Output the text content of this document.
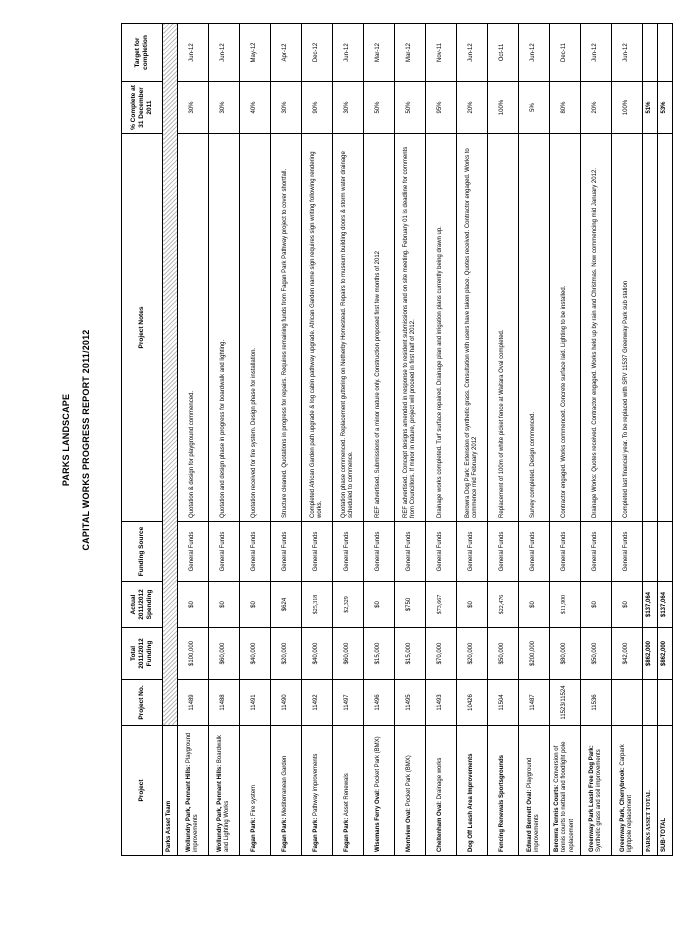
PARKS LANDSCAPE CAPITAL WORKS PROGRESS REPORT 2011/2012
Project	Project No.	Total 2011/2012 Funding	Actual 2011/2012 Spending	Funding Source	Project Notes	% Complete at 31 December 2011	Target for completion
Parks Asset Team							
Wollundry Park, Pennant Hills: Playground improvements	11489	$100,000	$0	General Funds	Quotation & design for playground commenced.	30%	Jun-12
Wollundry Park, Pennant Hills: Boardwalk and Lighting Works	11488	$60,000	$0	General Funds	Quotation and design phase in progress for boardwalk and lighting.	30%	Jun-12
Fagan Park: Fire system	11491	$40,000	$0	General Funds	Quotation received for fire system. Design phase for installation.	40%	May-12
Fagan Park: Mediterranean Garden	11490	$20,000	$624	General Funds	Structure cleaned. Quotations in progress for repairs. Requires remaining funds from Fagan Park Pathway project to cover shortfall.	30%	Apr-12
Fagan Park: Pathway improvements	11492	$40,000	$25,318	General Funds	Completed African Garden path upgrade & log cabin pathway upgrade. African Garden name sign requires sign writing following rendering works.	90%	Dec-12
Fagan Park: Asset Renewals	11497	$60,000	$2,329	General Funds	Quotation phase commenced. Replacement guttering on Netherby Homestead. Repairs to museum building doors & storm water drainage scheduled to commence.	30%	Jun-12
Wisemans Ferry Oval: Pocket Park (BMX)	11496	$15,000	$0	General Funds	REF advertised. Submissions of a minor nature only. Construction proposed first few months of 2012	50%	Mar-12
Montview Oval: Pocket Park (BMX)	11495	$15,000	$750	General Funds	REF advertised. Concept designs amended in response to resident submissions and on site meeting. February 01 is deadline for comments from Councillors. If minor in nature, project will proceed in first half of 2012.	50%	Mar-12
Cheltenham Oval: Drainage works	11493	$70,000	$73,667	General Funds	Drainage works completed. Turf surface repaired. Drainage plan and irrigation plans currently being drawn up.	95%	Nov-11
Dog Off Leash Area Improvements	10426	$20,000	$0	General Funds	Berowra Dog Park: Extension of synthetic grass. Consultation with users have taken place. Quotes received. Contractor engaged. Works to commence mid February 2012	20%	Jun-12
Fencing Renewals Sportsgrounds	11504	$50,000	$22,476	General Funds	Replacement of 100m of white picket fence at Waitara Oval completed.	100%	Oct-11
Edward Bennett Oval: Playground improvements	11487	$200,000	$0	General Funds	Survey completed. Design commenced.	5%	Jun-12
Berowra Tennis Courts: Conversion of tennis courts to netball and floodlight pole replacement	11523/11524	$80,000	$11,900	General Funds	Contractor engaged. Works commenced. Concrete surface laid. Lighting to be installed.	80%	Dec-11
Greenway Park Leash Free Dog Park: Synthetic grass and soil improvements	11536	$50,000	$0	General Funds	Drainage Works: Quotes received. Contractor engaged. Works held up by rain and Christmas. Now commencing mid January 2012.	20%	Jun-12
Greenway Park, Cherrybrook: Carpark lightpole replacement		$42,000	$0	General Funds	Completed last financial year. To be replaced with SRV 11537 Greenway Park sub station	100%	Jun-12
PARKS ASSET TOTAL		$862,000	$137,064			51%	
SUB-TOTAL		$862,000	$137,064			53%	
